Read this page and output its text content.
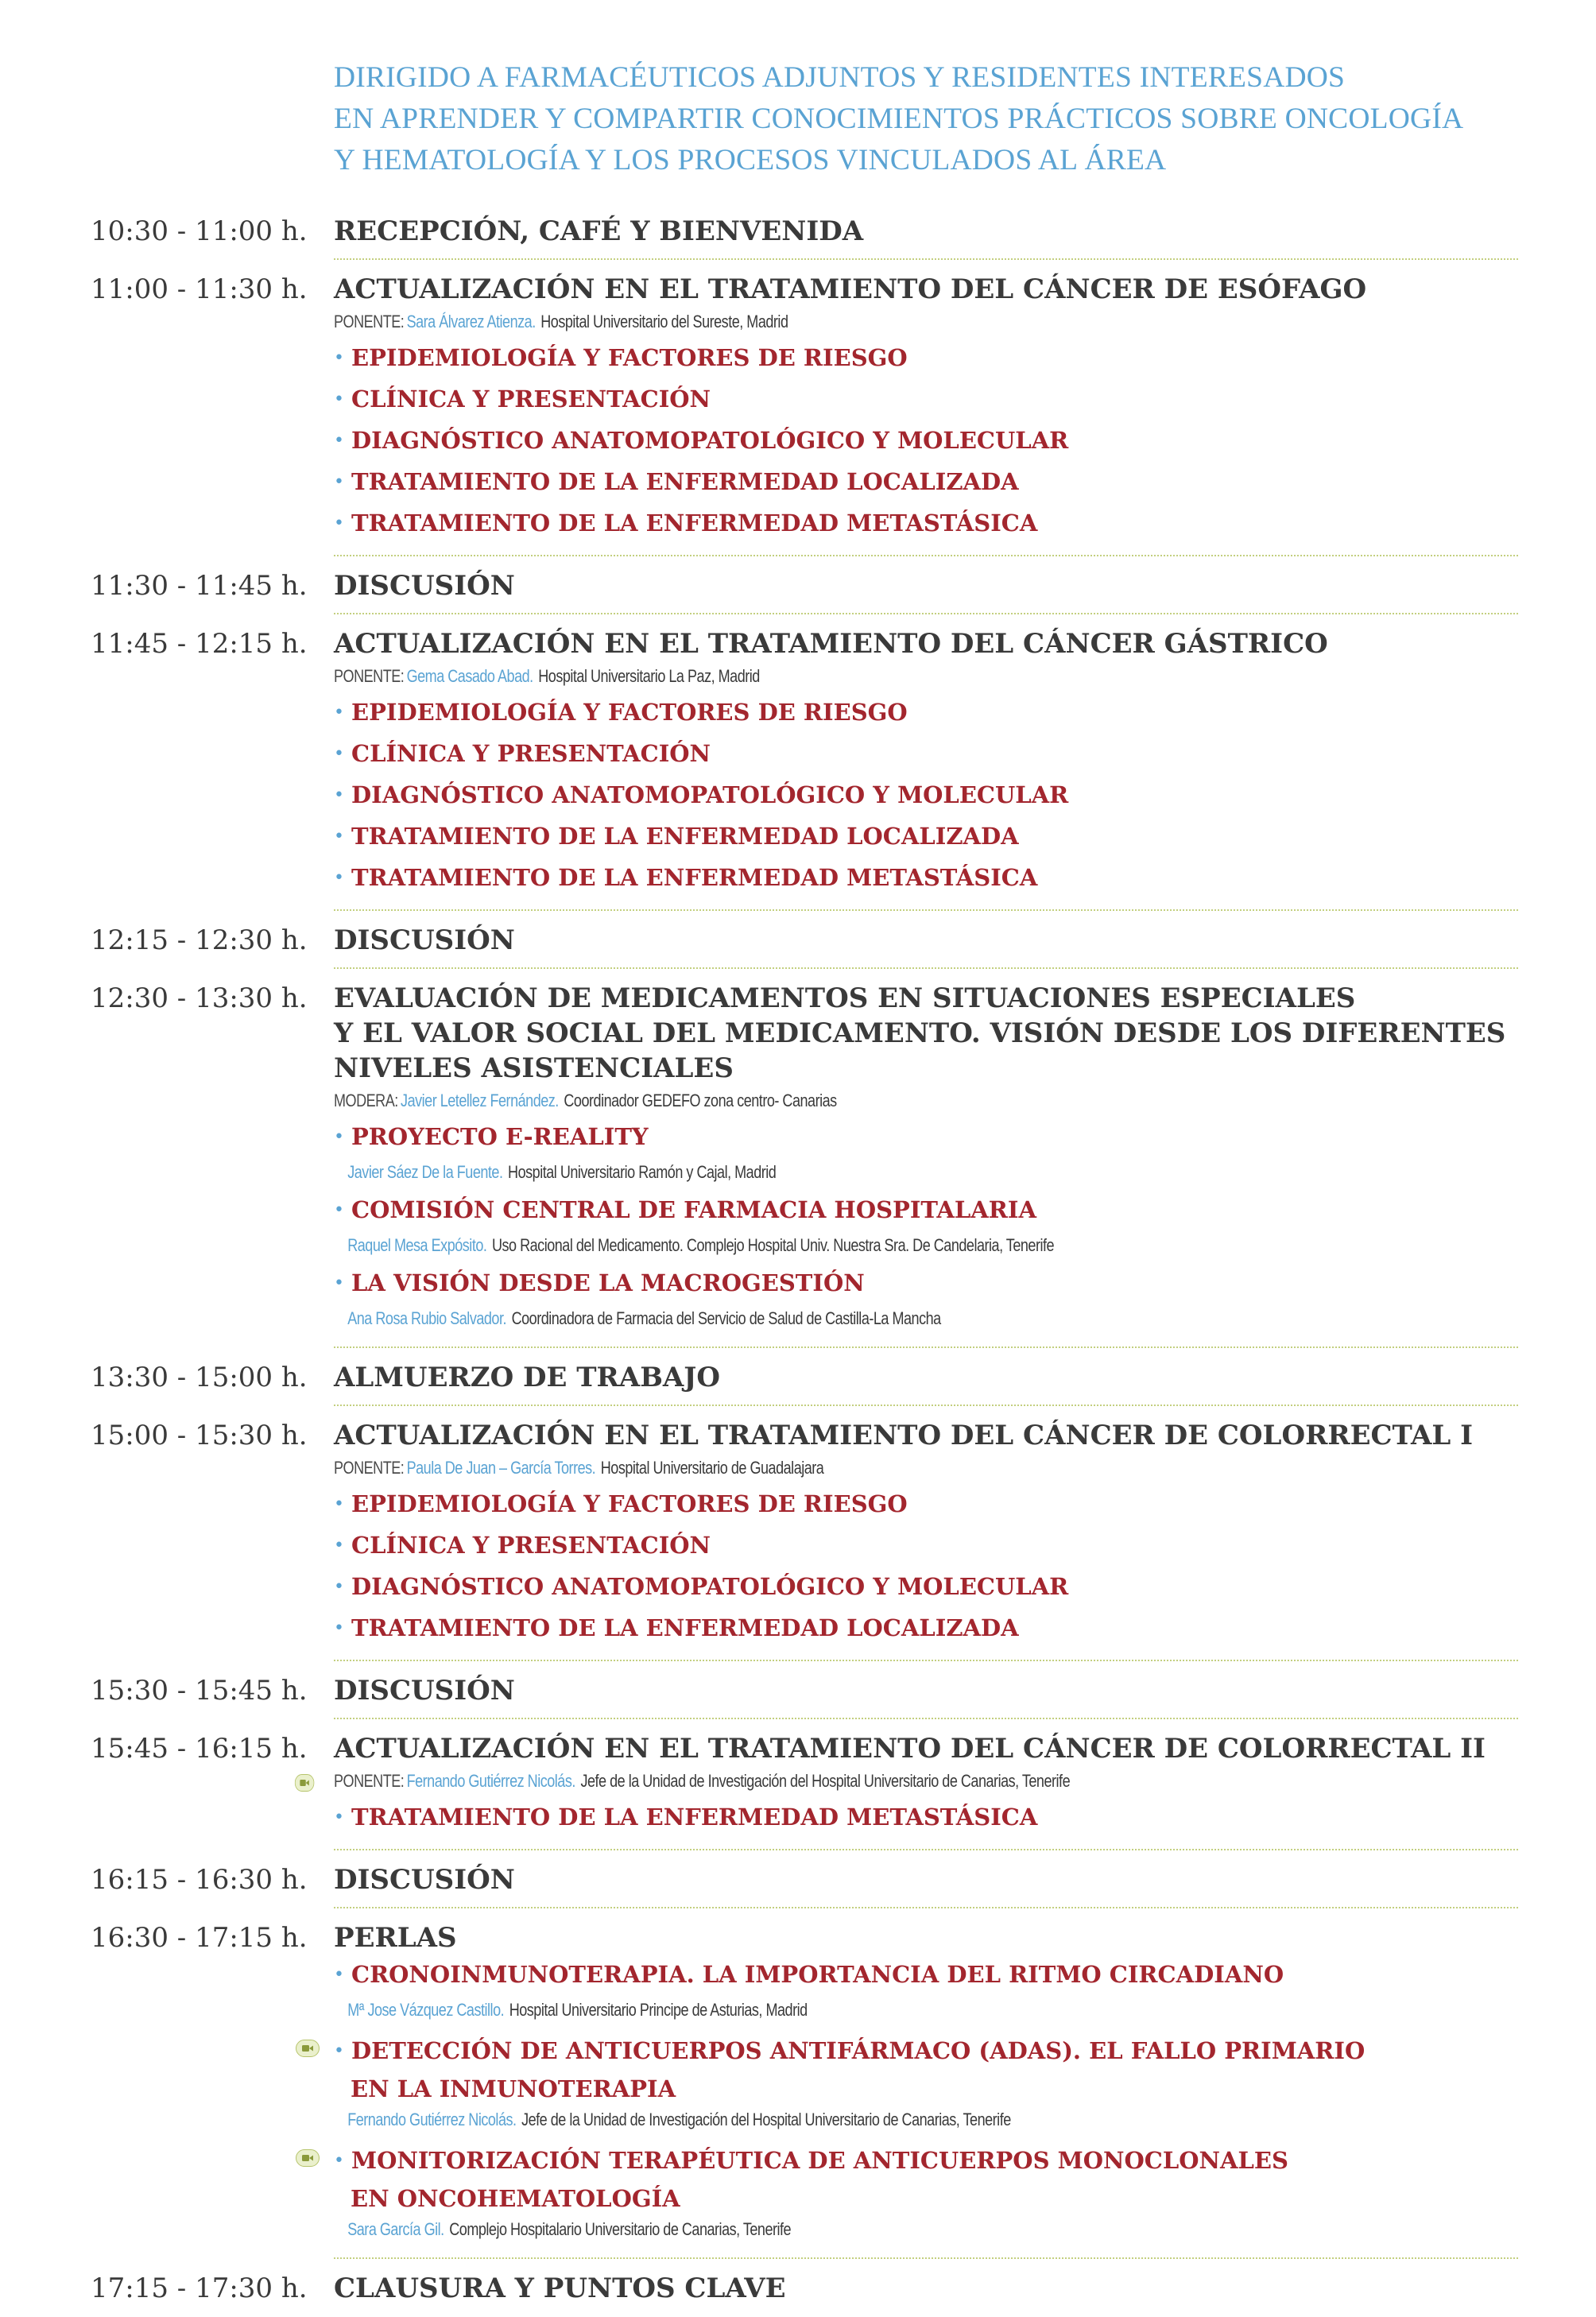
DIRIGIDO A FARMACÉUTICOS ADJUNTOS Y RESIDENTES INTERESADOS
EN APRENDER Y COMPARTIR CONOCIMIENTOS PRÁCTICOS SOBRE ONCOLOGÍA
Y HEMATOLOGÍA Y LOS PROCESOS VINCULADOS AL ÁREA
10:30 - 11:00 h. RECEPCIÓN, CAFÉ Y BIENVENIDA
11:00 - 11:30 h. ACTUALIZACIÓN EN EL TRATAMIENTO DEL CÁNCER DE ESÓFAGO
PONENTE: Sara Álvarez Atienza. Hospital Universitario del Sureste, Madrid
• EPIDEMIOLOGÍA Y FACTORES DE RIESGO
• CLÍNICA Y PRESENTACIÓN
• DIAGNÓSTICO ANATOMOPATOLÓGICO Y MOLECULAR
• TRATAMIENTO DE LA ENFERMEDAD LOCALIZADA
• TRATAMIENTO DE LA ENFERMEDAD METASTÁSICA
11:30 - 11:45 h. DISCUSIÓN
11:45 - 12:15 h. ACTUALIZACIÓN EN EL TRATAMIENTO DEL CÁNCER GÁSTRICO
PONENTE: Gema Casado Abad. Hospital Universitario La Paz, Madrid
• EPIDEMIOLOGÍA Y FACTORES DE RIESGO
• CLÍNICA Y PRESENTACIÓN
• DIAGNÓSTICO ANATOMOPATOLÓGICO Y MOLECULAR
• TRATAMIENTO DE LA ENFERMEDAD LOCALIZADA
• TRATAMIENTO DE LA ENFERMEDAD METASTÁSICA
12:15 - 12:30 h. DISCUSIÓN
12:30 - 13:30 h. EVALUACIÓN DE MEDICAMENTOS EN SITUACIONES ESPECIALES
Y EL VALOR SOCIAL DEL MEDICAMENTO. VISIÓN DESDE LOS DIFERENTES
NIVELES ASISTENCIALES
MODERA: Javier Letellez Fernández. Coordinador GEDEFO zona centro- Canarias
• PROYECTO E-REALITY
Javier Sáez De la Fuente. Hospital Universitario Ramón y Cajal, Madrid
• COMISIÓN CENTRAL DE FARMACIA HOSPITALARIA
Raquel Mesa Expósito. Uso Racional del Medicamento. Complejo Hospital Univ. Nuestra Sra. De Candelaria, Tenerife
• LA VISIÓN DESDE LA MACROGESTIÓN
Ana Rosa Rubio Salvador. Coordinadora de Farmacia del Servicio de Salud de Castilla-La Mancha
13:30 - 15:00 h. ALMUERZO DE TRABAJO
15:00 - 15:30 h. ACTUALIZACIÓN EN EL TRATAMIENTO DEL CÁNCER DE COLORRECTAL I
PONENTE: Paula De Juan – García Torres. Hospital Universitario de Guadalajara
• EPIDEMIOLOGÍA Y FACTORES DE RIESGO
• CLÍNICA Y PRESENTACIÓN
• DIAGNÓSTICO ANATOMOPATOLÓGICO Y MOLECULAR
• TRATAMIENTO DE LA ENFERMEDAD LOCALIZADA
15:30 - 15:45 h. DISCUSIÓN
15:45 - 16:15 h. ACTUALIZACIÓN EN EL TRATAMIENTO DEL CÁNCER DE COLORRECTAL II
PONENTE: Fernando Gutiérrez Nicolás. Jefe de la Unidad de Investigación del Hospital Universitario de Canarias, Tenerife
• TRATAMIENTO DE LA ENFERMEDAD METASTÁSICA
16:15 - 16:30 h. DISCUSIÓN
16:30 - 17:15 h. PERLAS
• CRONOINMUNOTERAPIA. LA IMPORTANCIA DEL RITMO CIRCADIANO
Mª Jose Vázquez Castillo. Hospital Universitario Principe de Asturias, Madrid
• DETECCIÓN DE ANTICUERPOS ANTIFÁRMACO (ADAS). EL FALLO PRIMARIO
EN LA INMUNOTERAPIA
Fernando Gutiérrez Nicolás. Jefe de la Unidad de Investigación del Hospital Universitario de Canarias, Tenerife
• MONITORIZACIÓN TERAPÉUTICA DE ANTICUERPOS MONOCLONALES
EN ONCOHEMATOLOGÍA
Sara García Gil. Complejo Hospitalario Universitario de Canarias, Tenerife
17:15 - 17:30 h. CLAUSURA Y PUNTOS CLAVE
